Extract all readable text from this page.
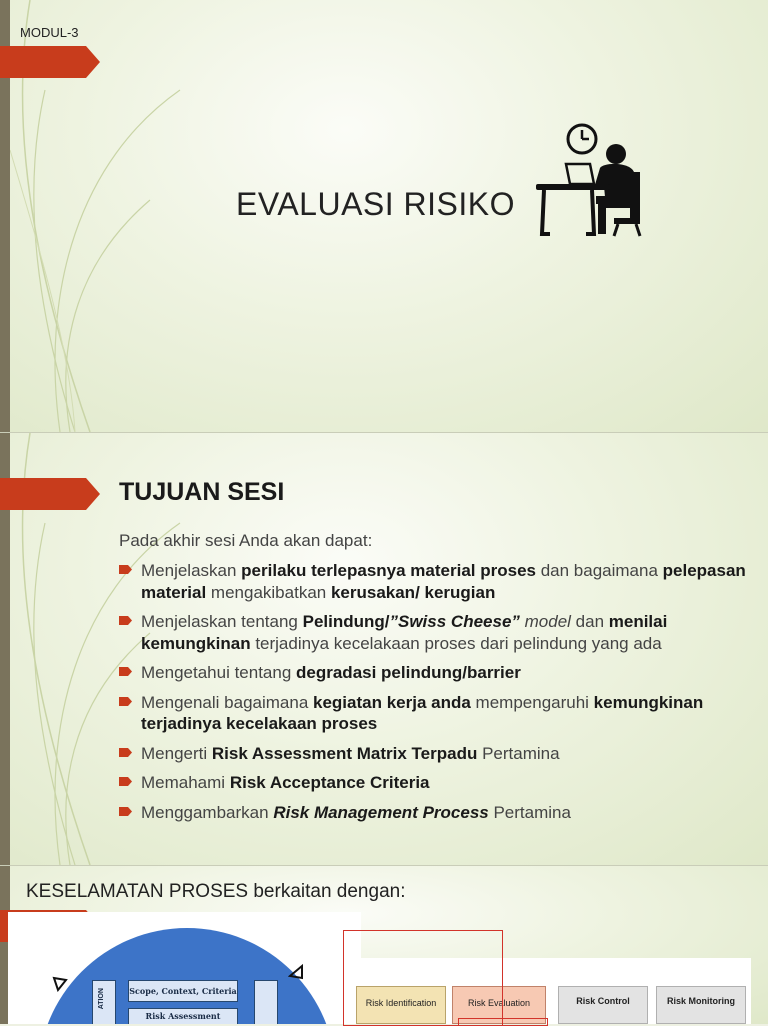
MODUL-3
EVALUASI RISIKO
TUJUAN SESI
Pada akhir sesi Anda akan dapat:
Menjelaskan perilaku terlepasnya material proses dan bagaimana pelepasan material mengakibatkan kerusakan/ kerugian
Menjelaskan tentang Pelindung/”Swiss Cheese” model dan menilai kemungkinan terjadinya kecelakaan proses dari pelindung yang ada
Mengetahui tentang degradasi pelindung/barrier
Mengenali bagaimana kegiatan kerja anda mempengaruhi kemungkinan terjadinya kecelakaan proses
Mengerti Risk Assessment Matrix Terpadu Pertamina
Memahami Risk Acceptance Criteria
Menggambarkan Risk Management Process Pertamina
KESELAMATAN PROSES berkaitan dengan:
ATION	Scope, Context, Criteria
Risk Assessment
Risk Identification	Risk Evaluation	Risk Control	Risk Monitoring
